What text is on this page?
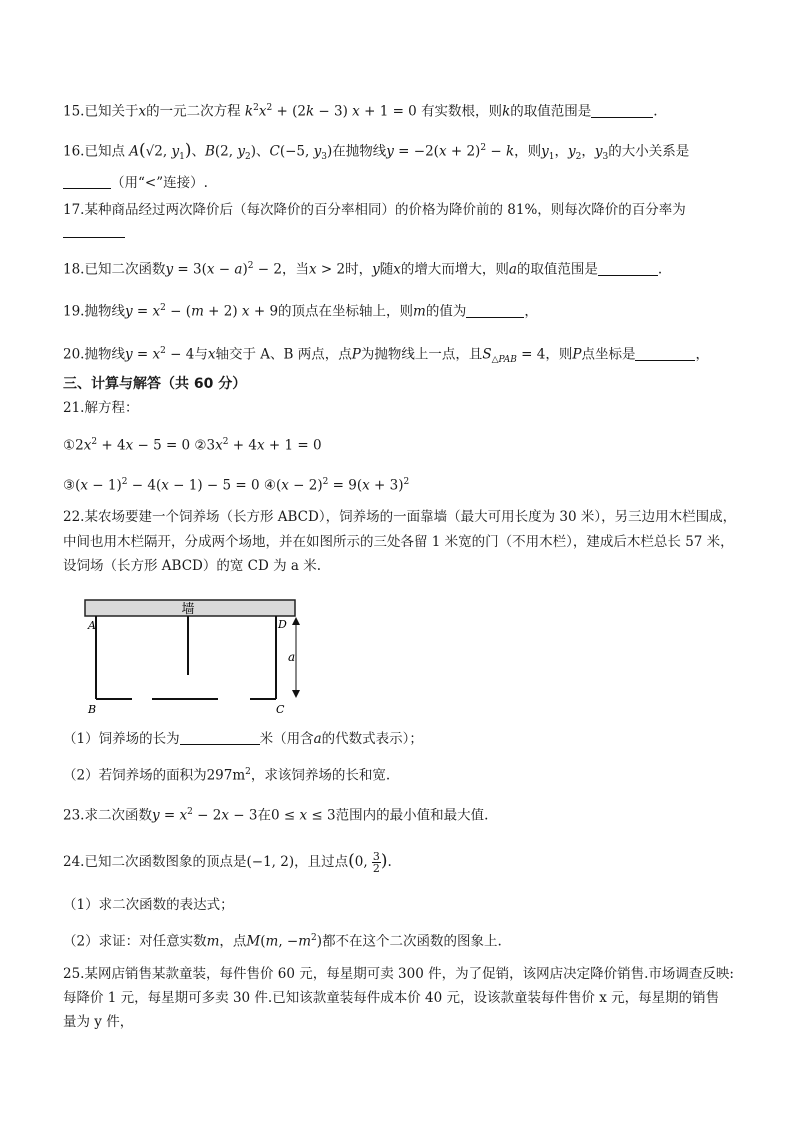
15.已知关于x的一元二次方程 $k^2x^2 + (2k - 3) x + 1 = 0$ 有实数根，则k的取值范围是	.
16.已知点 A(√2, $y_1$)、B(2, $y_2$)、C(−5, $y_3$)在抛物线$y = -2(x + 2)^2 - k$，则$y_1$，$y_2$，$y_3$的大小关系是
（用“<”连接）.
17.某种商品经过两次降价后（每次降价的百分率相同）的价格为降价前的 81%，则每次降价的百分率为
18.已知二次函数$y = 3(x - a)^2 - 2$，当x > 2时，y随x的增大而增大，则a的取值范围是	.
19.抛物线$y = x^2 - (m + 2) x + 9$的顶点在坐标轴上，则m的值为	，
20.抛物线$y = x^2 - 4$与x轴交于 A、B 两点，点P为抛物线上一点，且$S_{\triangle PAB} = 4$，则P点坐标是	，
三、计算与解答（共 60 分）
21.解方程：
$①2x^2 + 4x - 5 = 0$ $②3x^2 + 4x + 1 = 0$
③(x − 1)$^2$ − 4(x − 1) − 5 = 0 ④(x − $2)^2 = 9(x + 3)^2$
22.某农场要建一个饲养场（长方形 ABCD），饲养场的一面靠墙（最大可用长度为 30 米），另三边用木栏围成，
中间也用木栏隔开，分成两个场地，并在如图所示的三处各留 1 米宽的门（不用木栏），建成后木栏总长 57 米，
设饲场（长方形 ABCD）的宽 CD 为 a 米.
墙
a
A	D
B	C
（1）饲养场的长为	米（用含a的代数式表示）；
（2）若饲养场的面积为$297m^2$，求该饲养场的长和宽.
23.求二次函数$y = x^2 - 2x - 3$在0 ≤ x ≤ 3范围内的最小值和最大值.
24.已知二次函数图象的顶点是(−1, 2)，且过点(0, $\frac{3}{2}$ ).
（1）求二次函数的表达式；
（2）求证：对任意实数m，点M(m, $-m^2$)都不在这个二次函数的图象上.
25.某网店销售某款童装，每件售价 60 元，每星期可卖 300 件，为了促销，该网店决定降价销售.市场调查反映:
每降价 1 元，每星期可多卖 30 件.已知该款童装每件成本价 40 元，设该款童装每件售价 x 元，每星期的销售
量为 y 件，
